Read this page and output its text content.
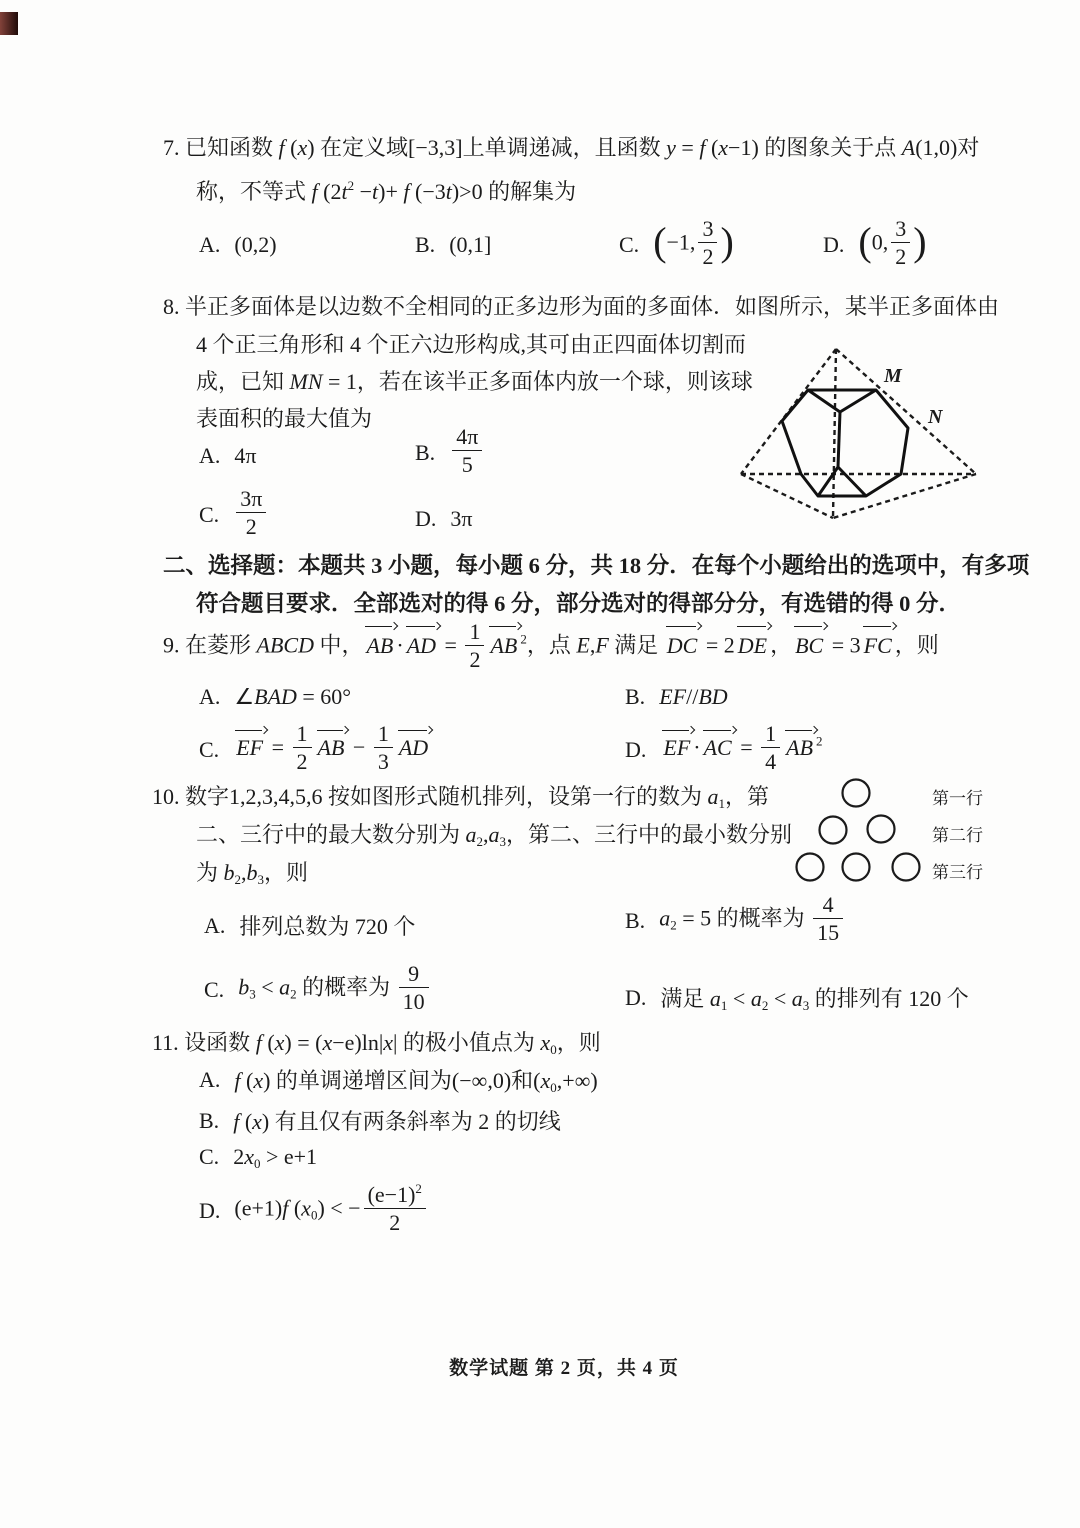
7. 已知函数 f (x) 在定义域[−3,3]上单调递减，且函数 y = f (x−1) 的图象关于点 A(1,0)对
称，不等式 f $(2t^2 -t)+ f$ (−3t)>0 的解集为
A. (0,2)	B. (0,1]	C. (−1, $\frac{3}{2}$ )	D. (0, $\frac{3}{2}$ )
8. 半正多面体是以边数不全相同的正多边形为面的多面体．如图所示，某半正多面体由
4 个正三角形和 4 个正六边形构成,其可由正四面体切割而
成，已知 MN = 1，若在该半正多面体内放一个球，则该球
表面积的最大值为
A. 4π	B. $\frac{4\pi}{5}$
C. $\frac{3\pi}{2}$	D. 3π
M
N
二、选择题：本题共 3 小题，每小题 6 分，共 18 分．在每个小题给出的选项中，有多项
符合题目要求．全部选对的得 6 分，部分选对的得部分分，有选错的得 0 分．
9. 在菱形 ABCD 中， AB · AD = $\frac{1}{2}$ AB $^2$，点 E,F 满足 DC = 2 DE ， BC = 3 FC ，则
A. ∠BAD = 60°	B. EF//BD
C. EF = $\frac{1}{2}$ AB − $\frac{1}{3}$ AD	D. EF · AC = $\frac{1}{4}$ AB $^2$
10. 数字1,2,3,4,5,6 按如图形式随机排列，设第一行的数为 $a_1$，第
二、三行中的最大数分别为 $a_2,a_3$，第二、三行中的最小数分别
为 $b_2,b_3$，则
第一行
第二行
第三行
A. 排列总数为 720 个	B. $a_2 = 5$ 的概率为 $\frac{4}{15}$
C. $b_3 < a_2$ 的概率为 $\frac{9}{10}$	D. 满足 $a_1 < a_2 < a_3$ 的排列有 120 个
11. 设函数 f (x) = (x−e)ln|x| 的极小值点为 $x_0$，则
A. f (x) 的单调递增区间为(−∞,0)和$(x_0,+\infty)$
B. f (x) 有且仅有两条斜率为 2 的切线
C. $2x_0 > e+1$
D. (e+1)f $(x_0)$ < − $\frac{(e-1)^2}{2}$
数学试题 第 2 页，共 4 页
